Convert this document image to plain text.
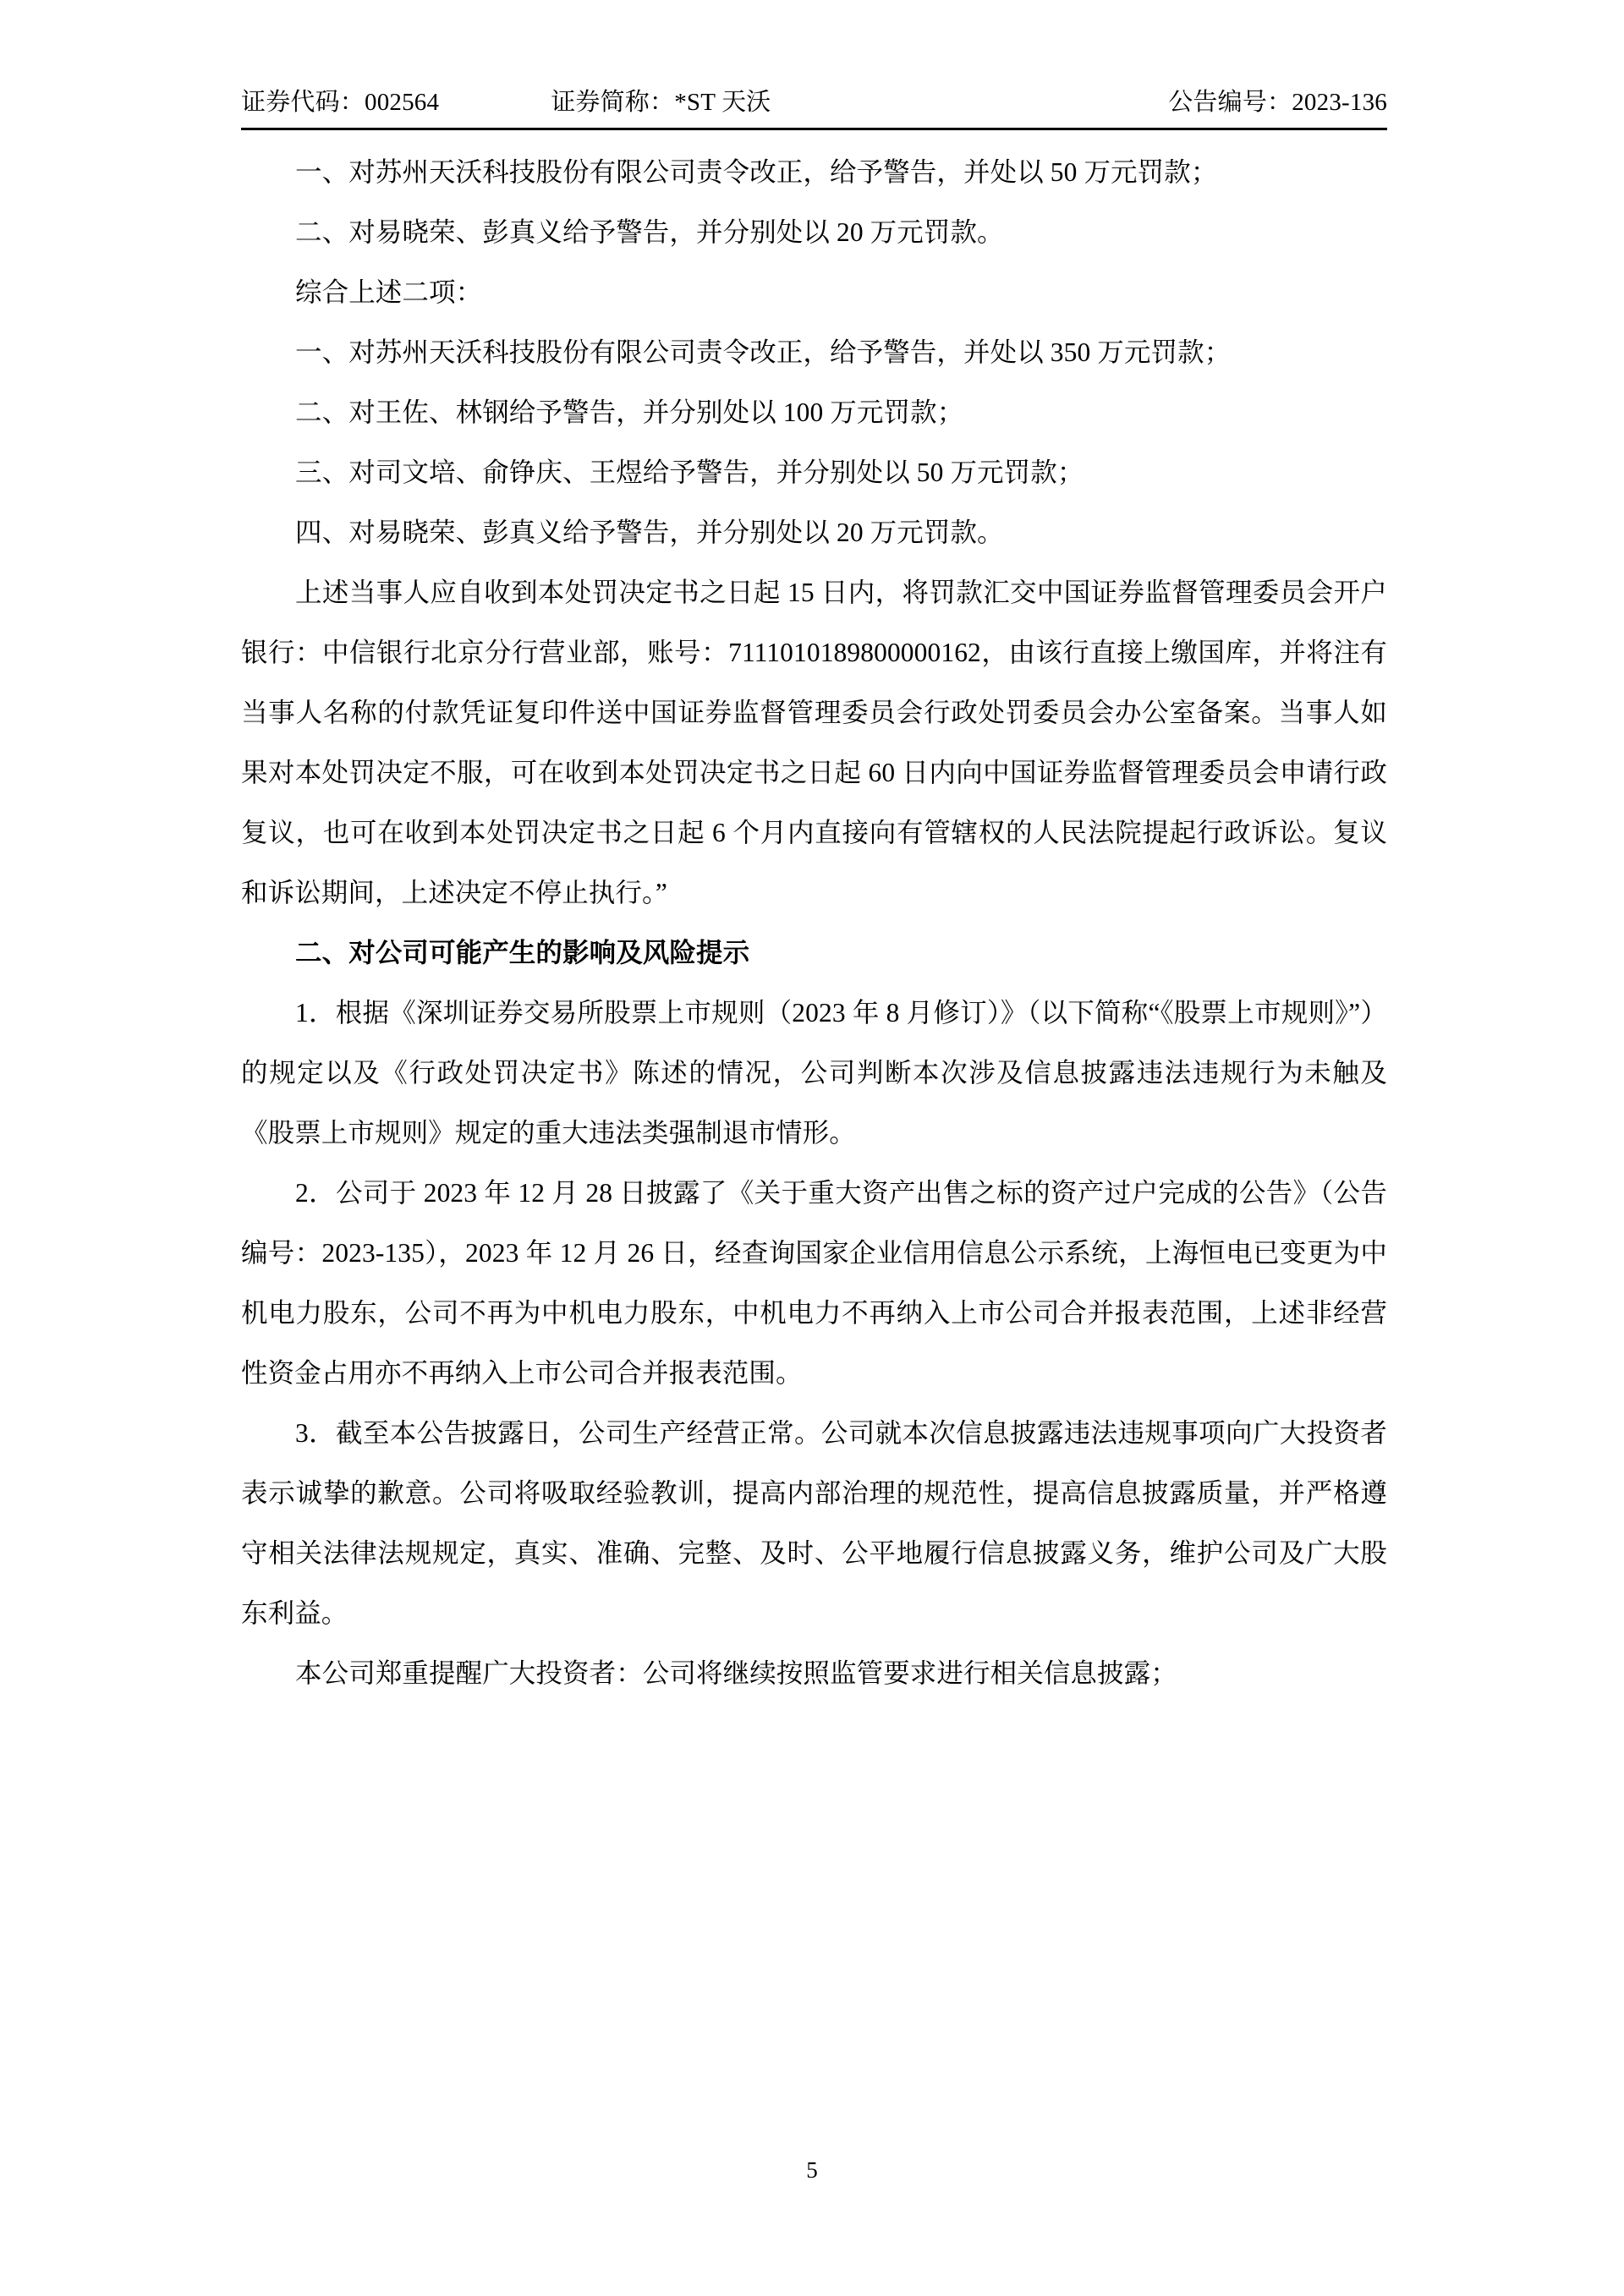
证券代码：002564	证券简称：*ST 天沃	公告编号：2023-136

一、对苏州天沃科技股份有限公司责令改正，给予警告，并处以 50 万元罚款；

二、对易晓荣、彭真义给予警告，并分别处以 20 万元罚款。

综合上述二项：

一、对苏州天沃科技股份有限公司责令改正，给予警告，并处以 350 万元罚款；

二、对王佐、林钢给予警告，并分别处以 100 万元罚款；

三、对司文培、俞铮庆、王煜给予警告，并分别处以 50 万元罚款；

四、对易晓荣、彭真义给予警告，并分别处以 20 万元罚款。

上述当事人应自收到本处罚决定书之日起 15 日内，将罚款汇交中国证券监督管理委员会开户银行：中信银行北京分行营业部，账号：7111010189800000162，由该行直接上缴国库，并将注有当事人名称的付款凭证复印件送中国证券监督管理委员会行政处罚委员会办公室备案。当事人如果对本处罚决定不服，可在收到本处罚决定书之日起 60 日内向中国证券监督管理委员会申请行政复议，也可在收到本处罚决定书之日起 6 个月内直接向有管辖权的人民法院提起行政诉讼。复议和诉讼期间，上述决定不停止执行。”

二、对公司可能产生的影响及风险提示

1．根据《深圳证券交易所股票上市规则（2023 年 8 月修订）》（以下简称“《股票上市规则》”）的规定以及《行政处罚决定书》陈述的情况，公司判断本次涉及信息披露违法违规行为未触及《股票上市规则》规定的重大违法类强制退市情形。

2．公司于 2023 年 12 月 28 日披露了《关于重大资产出售之标的资产过户完成的公告》（公告编号：2023-135），2023 年 12 月 26 日，经查询国家企业信用信息公示系统，上海恒电已变更为中机电力股东，公司不再为中机电力股东，中机电力不再纳入上市公司合并报表范围，上述非经营性资金占用亦不再纳入上市公司合并报表范围。

3．截至本公告披露日，公司生产经营正常。公司就本次信息披露违法违规事项向广大投资者表示诚挚的歉意。公司将吸取经验教训，提高内部治理的规范性，提高信息披露质量，并严格遵守相关法律法规规定，真实、准确、完整、及时、公平地履行信息披露义务，维护公司及广大股东利益。

本公司郑重提醒广大投资者：公司将继续按照监管要求进行相关信息披露；

5
